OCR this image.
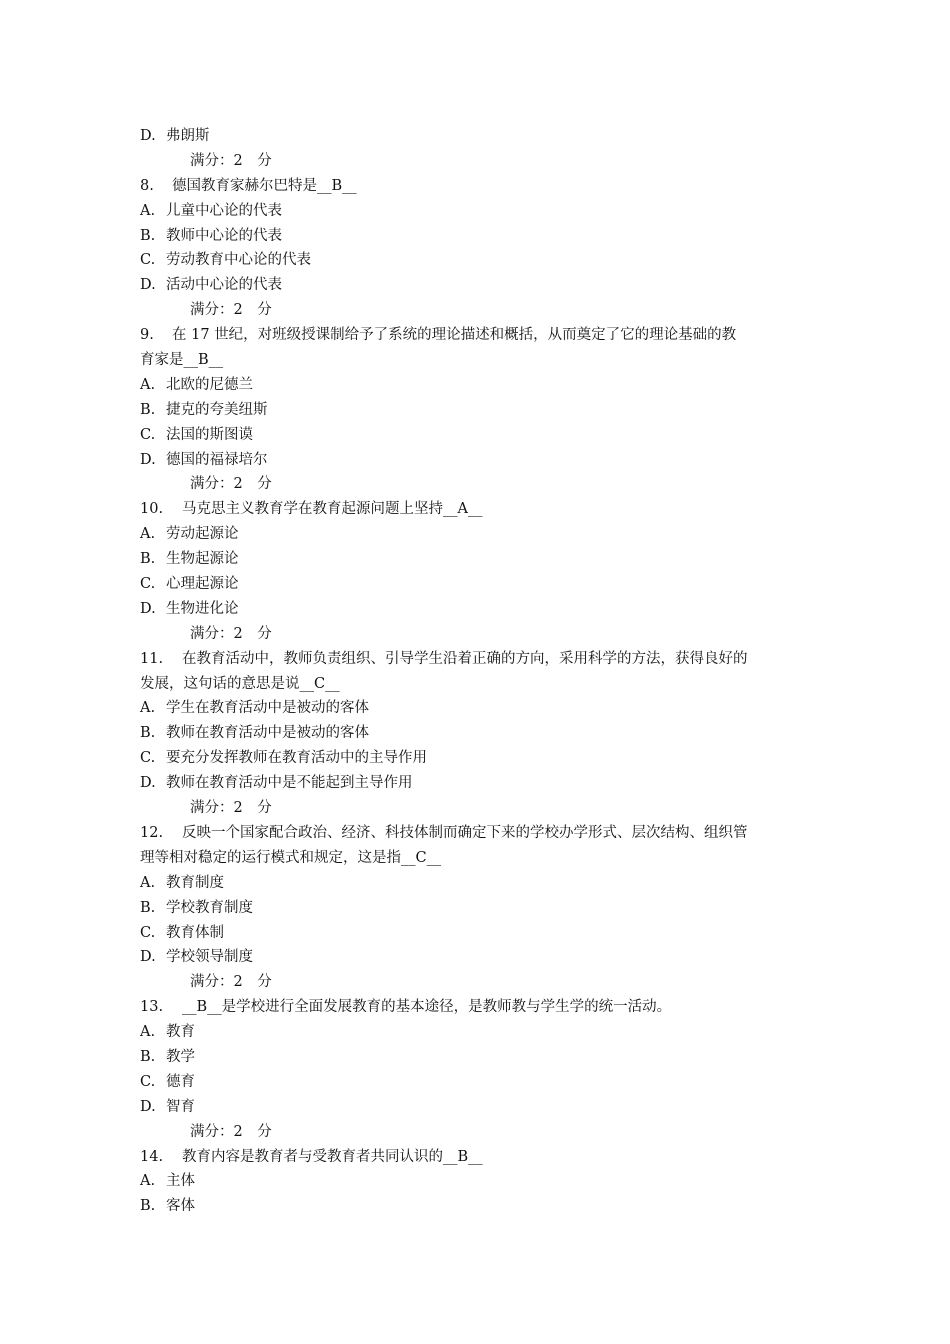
D. 弗朗斯
满分：2　分
8. 德国教育家赫尔巴特是__B__
A. 儿童中心论的代表
B. 教师中心论的代表
C. 劳动教育中心论的代表
D. 活动中心论的代表
满分：2　分
9. 在 17 世纪，对班级授课制给予了系统的理论描述和概括，从而奠定了它的理论基础的教
育家是__B__
A. 北欧的尼德兰
B. 捷克的夸美纽斯
C. 法国的斯图谟
D. 德国的福禄培尔
满分：2　分
10. 马克思主义教育学在教育起源问题上坚持__A__
A. 劳动起源论
B. 生物起源论
C. 心理起源论
D. 生物进化论
满分：2　分
11. 在教育活动中，教师负责组织、引导学生沿着正确的方向，采用科学的方法，获得良好的
发展，这句话的意思是说__C__
A. 学生在教育活动中是被动的客体
B. 教师在教育活动中是被动的客体
C. 要充分发挥教师在教育活动中的主导作用
D. 教师在教育活动中是不能起到主导作用
满分：2　分
12. 反映一个国家配合政治、经济、科技体制而确定下来的学校办学形式、层次结构、组织管
理等相对稳定的运行模式和规定，这是指__C__
A. 教育制度
B. 学校教育制度
C. 教育体制
D. 学校领导制度
满分：2　分
13. __B__是学校进行全面发展教育的基本途径，是教师教与学生学的统一活动。
A. 教育
B. 教学
C. 德育
D. 智育
满分：2　分
14. 教育内容是教育者与受教育者共同认识的__B__
A. 主体
B. 客体
